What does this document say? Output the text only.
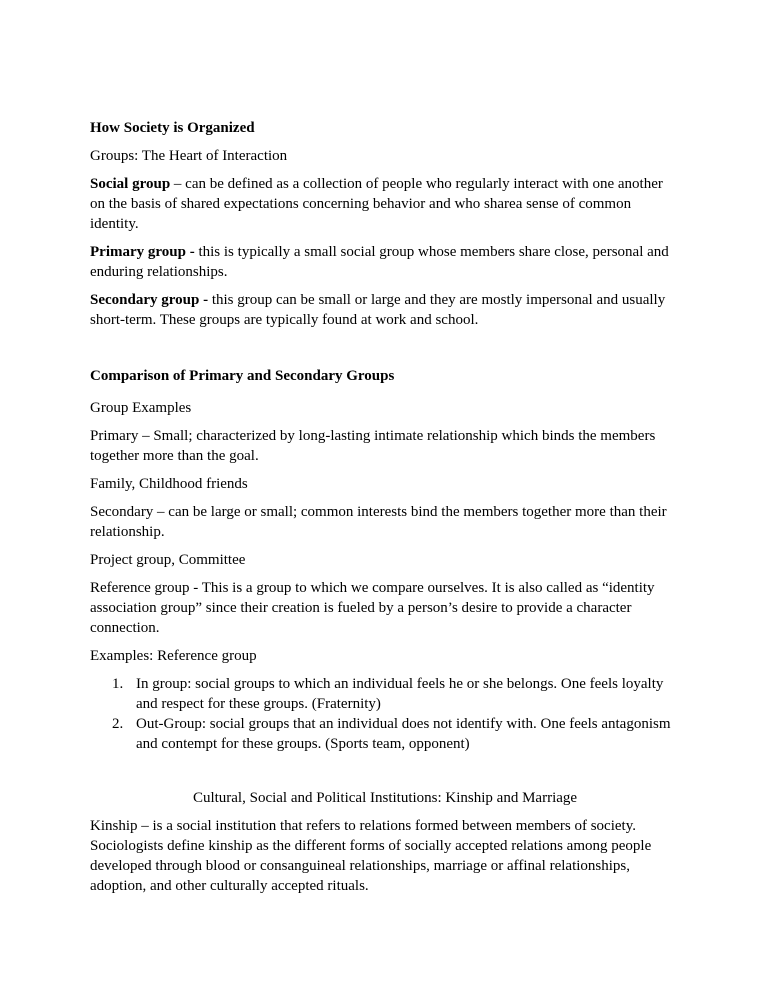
How Society is Organized

Groups: The Heart of Interaction

Social group – can be defined as a collection of people who regularly interact with one another on the basis of shared expectations concerning behavior and who sharea sense of common identity.

Primary group - this is typically a small social group whose members share close, personal and enduring relationships.

Secondary group - this group can be small or large and they are mostly impersonal and usually short-term. These groups are typically found at work and school.

Comparison of Primary and Secondary Groups

Group Examples

Primary – Small; characterized by long-lasting intimate relationship which binds the members together more than the goal.

Family, Childhood friends

Secondary – can be large or small; common interests bind the members together more than their relationship.

Project group, Committee

Reference group - This is a group to which we compare ourselves. It is also called as “identity association group” since their creation is fueled by a person’s desire to provide a character connection.

Examples: Reference group

1. In group: social groups to which an individual feels he or she belongs. One feels loyalty and respect for these groups. (Fraternity)
2. Out-Group: social groups that an individual does not identify with. One feels antagonism and contempt for these groups. (Sports team, opponent)

Cultural, Social and Political Institutions: Kinship and Marriage

Kinship – is a social institution that refers to relations formed between members of society. Sociologists define kinship as the different forms of socially accepted relations among people developed through blood or consanguineal relationships, marriage or affinal relationships, adoption, and other culturally accepted rituals.
